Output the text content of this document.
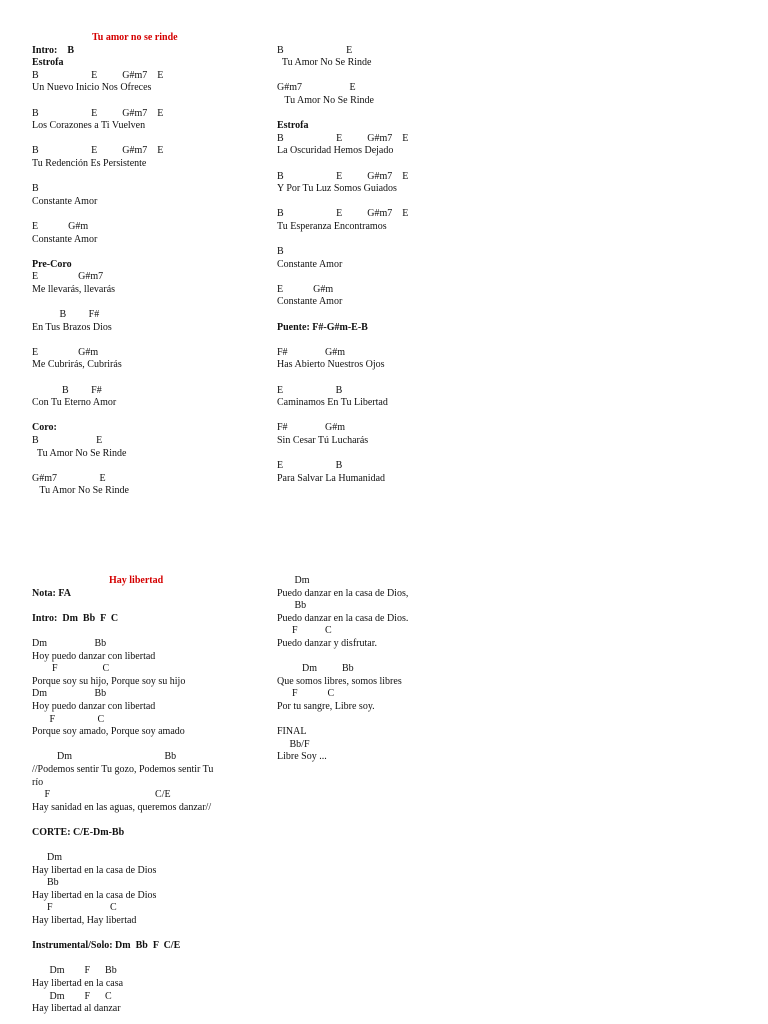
Tu amor no se rinde
Intro:    B
Estrofa
B                     E          G#m7    E
Un Nuevo Inicio Nos Ofreces

B                     E          G#m7    E
Los Corazones a Ti Vuelven

B                     E          G#m7    E
Tu Redención Es Persistente

B
Constante Amor

E            G#m
Constante Amor

Pre-Coro
E                G#m7
Me llevarás, llevarás

B         F#
En Tus Brazos Dios

E                G#m
Me Cubrirás, Cubrirás

B         F#
Con Tu Eterno Amor

Coro:
B                       E
Tu Amor No Se Rinde

G#m7                 E
Tu Amor No Se Rinde
B                         E
Tu Amor No Se Rinde

G#m7                   E
Tu Amor No Se Rinde

Estrofa
B                     E          G#m7    E
La Oscuridad Hemos Dejado

B                     E          G#m7    E
Y Por Tu Luz Somos Guiados

B                     E          G#m7    E
Tu Esperanza Encontramos

B
Constante Amor

E            G#m
Constante Amor

Puente: F#-G#m-E-B

F#               G#m
Has Abierto Nuestros Ojos

E                     B
Caminamos En Tu Libertad

F#               G#m
Sin Cesar Tú Lucharás

E                     B
Para Salvar La Humanidad
Hay libertad
Nota: FA

Intro:  Dm  Bb  F  C

Dm                   Bb
Hoy puedo danzar con libertad
F                  C
Porque soy su hijo, Porque soy su hijo
Dm                   Bb
Hoy puedo danzar con libertad
F                 C
Porque soy amado, Porque soy amado

Dm                                     Bb
//Podemos sentir Tu gozo, Podemos sentir Tu
río
F                                          C/E
Hay sanidad en las aguas, queremos danzar//

CORTE: C/E-Dm-Bb

Dm
Hay libertad en la casa de Dios
Bb
Hay libertad en la casa de Dios
F                       C
Hay libertad, Hay libertad

Instrumental/Solo: Dm  Bb  F  C/E

Dm        F      Bb
Hay libertad en la casa
Dm        F      C
Hay libertad al danzar
Dm
Puedo danzar en la casa de Dios,
Bb
Puedo danzar en la casa de Dios.
F           C
Puedo danzar y disfrutar.

Dm          Bb
Que somos libres, somos libres
F            C
Por tu sangre, Libre soy.

FINAL
Bb/F
Libre Soy ...
